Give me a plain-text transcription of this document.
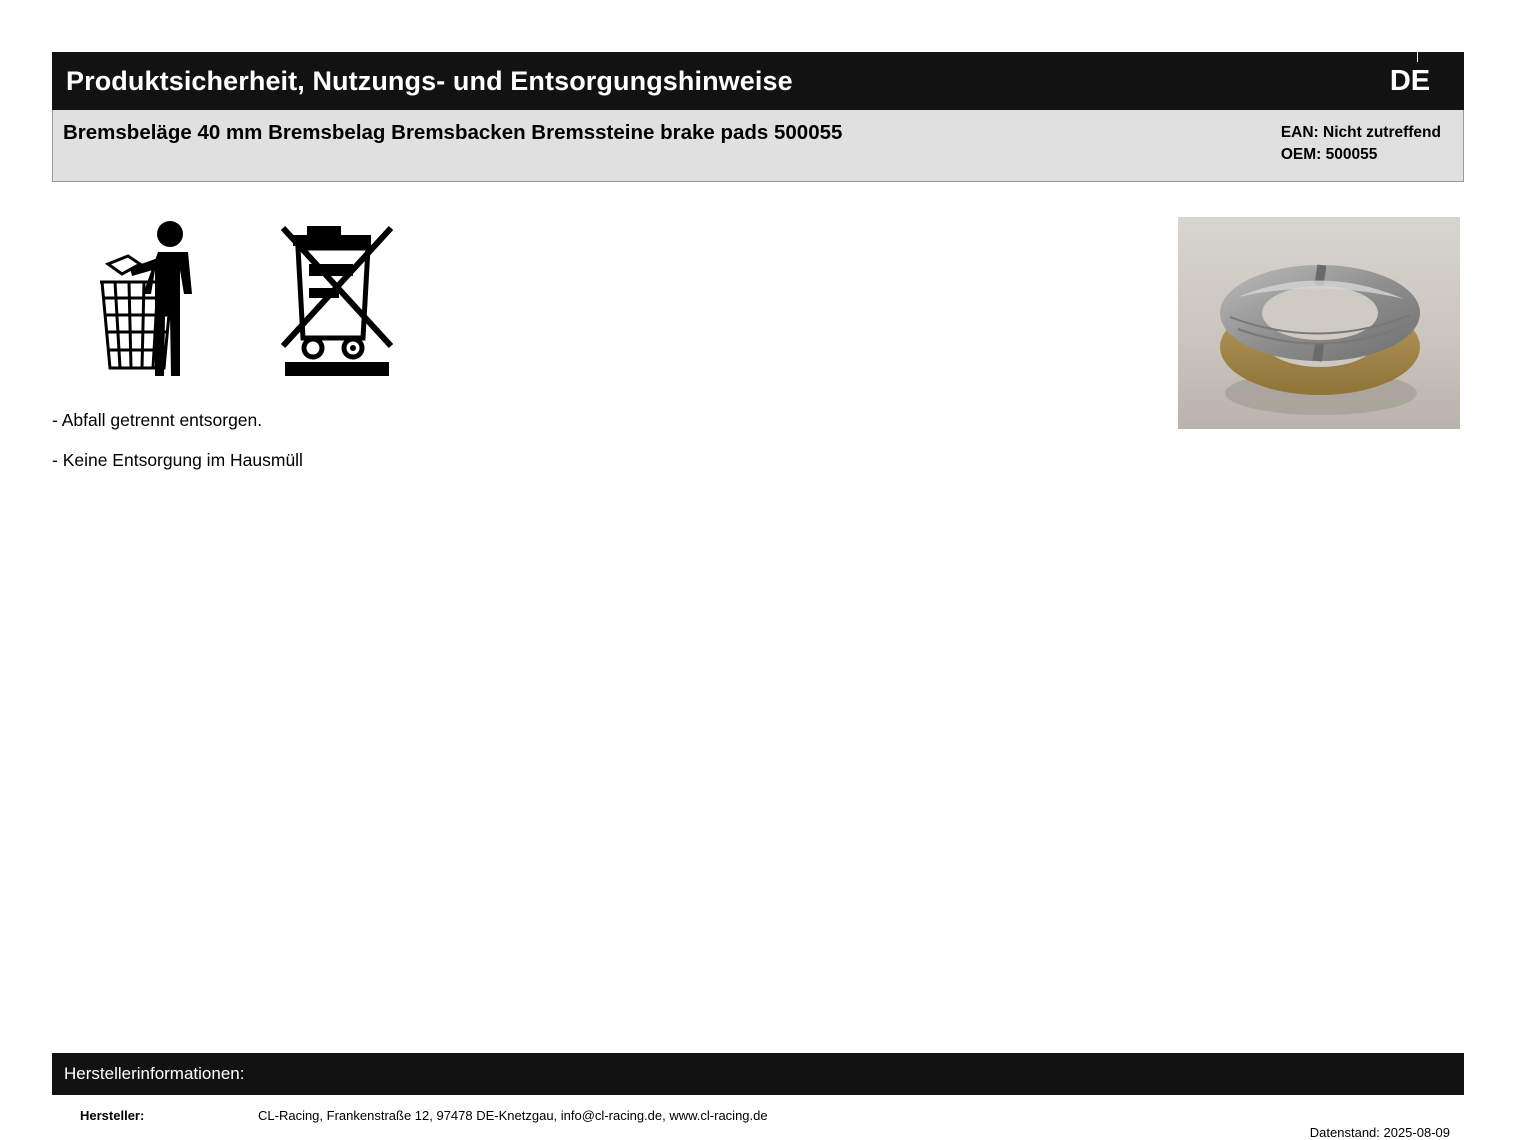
Produktsicherheit, Nutzungs- und Entsorgungshinweise	DE
Bremsbeläge 40 mm Bremsbelag Bremsbacken Bremssteine brake pads 500055	EAN: Nicht zutreffend
OEM: 500055
- Abfall getrennt entsorgen.
- Keine Entsorgung im Hausmüll
Herstellerinformationen:
Hersteller:	CL-Racing, Frankenstraße 12, 97478 DE-Knetzgau, info@cl-racing.de, www.cl-racing.de
Datenstand: 2025-08-09
